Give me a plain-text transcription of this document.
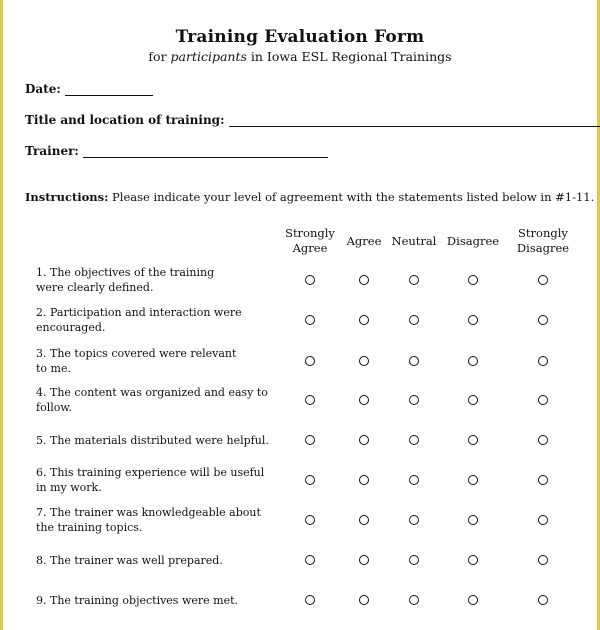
Training Evaluation Form
for participants in Iowa ESL Regional Trainings
Date:
Title and location of training:
Trainer:
Instructions: Please indicate your level of agreement with the statements listed below in #1-11.
Strongly
Agree	Agree Neutral Disagree
Strongly
Disagree
1. The objectives of the training
were clearly defined.
2. Participation and interaction were
encouraged.
3. The topics covered were relevant
to me.
4. The content was organized and easy to
follow.
5. The materials distributed were helpful.
6. This training experience will be useful
in my work.
7. The trainer was knowledgeable about
the training topics.
8. The trainer was well prepared.
9. The training objectives were met.
